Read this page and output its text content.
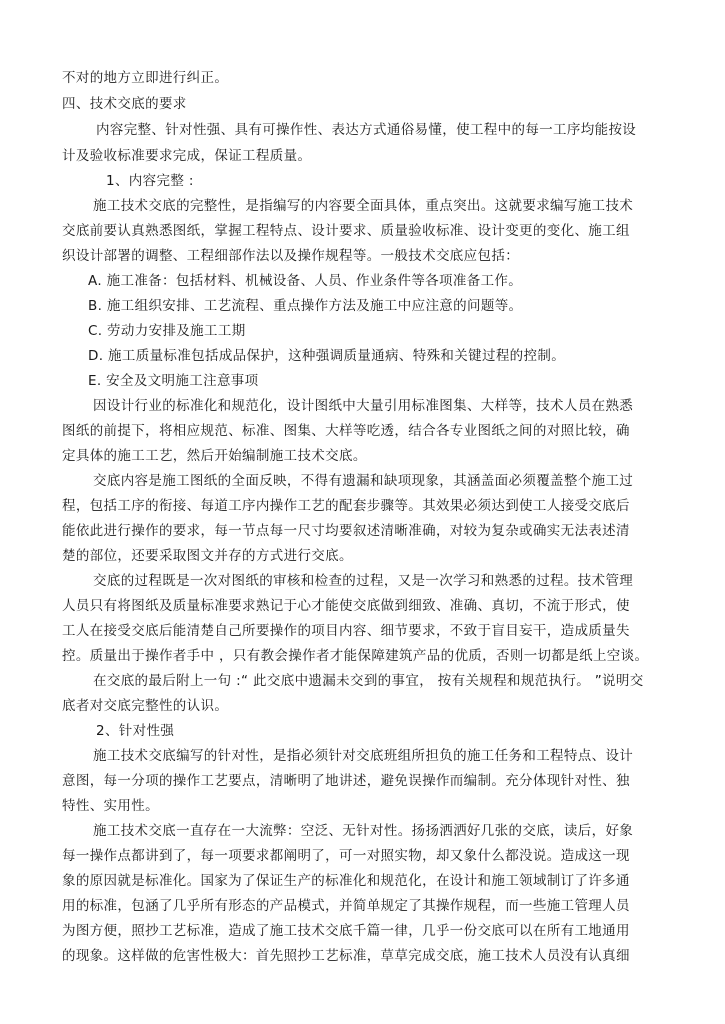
不对的地方立即进行纠正。
四、技术交底的要求
内容完整、针对性强、具有可操作性、表达方式通俗易懂，使工程中的每一工序均能按设
计及验收标准要求完成，保证工程质量。
1、内容完整 :
施工技术交底的完整性，是指编写的内容要全面具体，重点突出。这就要求编写施工技术
交底前要认真熟悉图纸，掌握工程特点、设计要求、质量验收标准、设计变更的变化、施工组
织设计部署的调整、工程细部作法以及操作规程等。一般技术交底应包括：
A. 施工准备：包括材料、机械设备、人员、作业条件等各项准备工作。
B. 施工组织安排、工艺流程、重点操作方法及施工中应注意的问题等。
C. 劳动力安排及施工工期
D. 施工质量标准包括成品保护，这种强调质量通病、特殊和关键过程的控制。
E. 安全及文明施工注意事项
因设计行业的标准化和规范化，设计图纸中大量引用标准图集、大样等，技术人员在熟悉
图纸的前提下，将相应规范、标准、图集、大样等吃透，结合各专业图纸之间的对照比较，确
定具体的施工工艺，然后开始编制施工技术交底。
交底内容是施工图纸的全面反映，不得有遗漏和缺项现象，其涵盖面必须覆盖整个施工过
程，包括工序的衔接、每道工序内操作工艺的配套步骤等。其效果必须达到使工人接受交底后
能依此进行操作的要求，每一节点每一尺寸均要叙述清晰准确，对较为复杂或确实无法表述清
楚的部位，还要采取图文并存的方式进行交底。
交底的过程既是一次对图纸的审核和检查的过程，又是一次学习和熟悉的过程。技术管理
人员只有将图纸及质量标准要求熟记于心才能使交底做到细致、准确、真切，不流于形式，使
工人在接受交底后能清楚自己所要操作的项目内容、细节要求，不致于盲目妄干，造成质量失
控。质量出于操作者手中 ，只有教会操作者才能保障建筑产品的优质，否则一切都是纸上空谈。
在交底的最后附上一句 :“ 此交底中遗漏未交到的事宜， 按有关规程和规范执行。 ”说明交
底者对交底完整性的认识。
2、针对性强
施工技术交底编写的针对性，是指必须针对交底班组所担负的施工任务和工程特点、设计
意图，每一分项的操作工艺要点，清晰明了地讲述，避免误操作而编制。充分体现针对性、独
特性、实用性。
施工技术交底一直存在一大流弊：空泛、无针对性。扬扬洒洒好几张的交底，读后，好象
每一操作点都讲到了，每一项要求都阐明了，可一对照实物，却又象什么都没说。造成这一现
象的原因就是标准化。国家为了保证生产的标准化和规范化，在设计和施工领域制订了许多通
用的标准，包涵了几乎所有形态的产品模式，并简单规定了其操作规程，而一些施工管理人员
为图方便，照抄工艺标准，造成了施工技术交底千篇一律，几乎一份交底可以在所有工地通用
的现象。这样做的危害性极大：首先照抄工艺标准，草草完成交底，施工技术人员没有认真细
